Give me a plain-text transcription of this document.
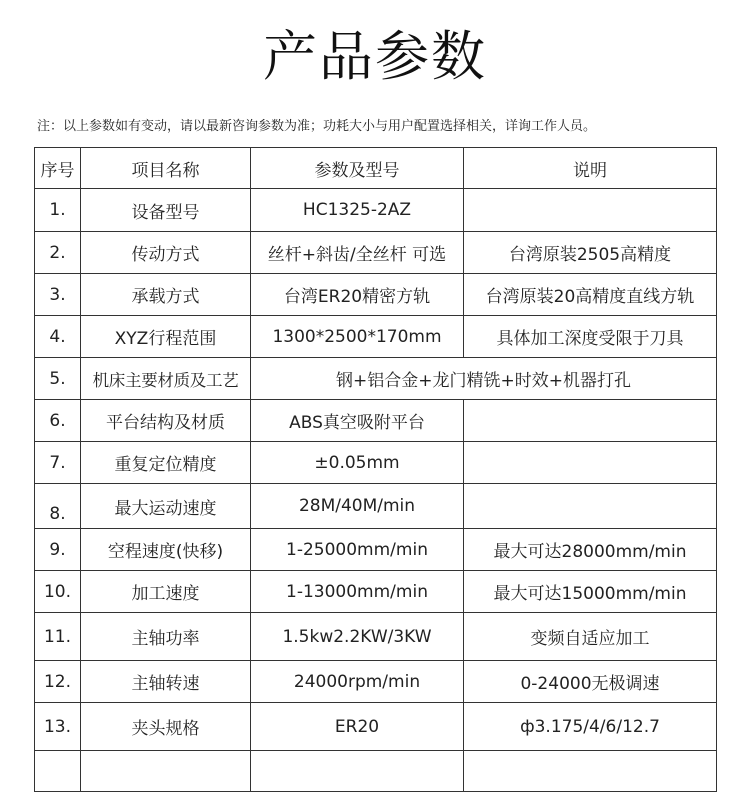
产品参数
注：以上参数如有变动，请以最新咨询参数为准；功耗大小与用户配置选择相关，详询工作人员。
序号	项目名称	参数及型号	说明
1.	设备型号	HC1325-2AZ	
2.	传动方式	丝杆+斜齿/全丝杆 可选	台湾原装2505高精度
3.	承载方式	台湾ER20精密方轨	台湾原装20高精度直线方轨
4.	XYZ行程范围	1300*2500*170mm	具体加工深度受限于刀具
5.	机床主要材质及工艺	钢+铝合金+龙门精铣+时效+机器打孔	
6.	平台结构及材质	ABS真空吸附平台	
7.	重复定位精度	±0.05mm	
8.	最大运动速度	28M/40M/min	
9.	空程速度(快移)	1-25000mm/min	最大可达28000mm/min
10.	加工速度	1-13000mm/min	最大可达15000mm/min
11.	主轴功率	1.5kw2.2KW/3KW	变频自适应加工
12.	主轴转速	24000rpm/min	0-24000无极调速
13.	夹头规格	ER20	ф3.175/4/6/12.7
